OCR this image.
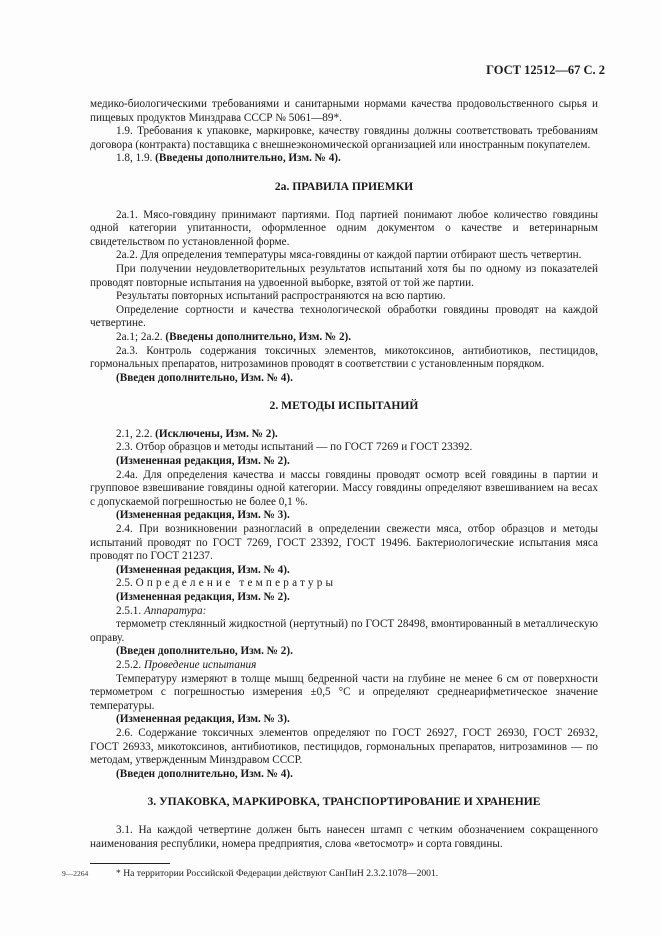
ГОСТ 12512—67 С. 2

медико-биологическими требованиями и санитарными нормами качества продовольственного сырья и пищевых продуктов Минздрава СССР № 5061—89*.

1.9. Требования к упаковке, маркировке, качеству говядины должны соответствовать требованиям договора (контракта) поставщика с внешнеэкономической организацией или иностранным покупателем.

1.8, 1.9. (Введены дополнительно, Изм. № 4).

2а. ПРАВИЛА ПРИЕМКИ

2а.1. Мясо-говядину принимают партиями. Под партией понимают любое количество говядины одной категории упитанности, оформленное одним документом о качестве и ветеринарным свидетельством по установленной форме.

2а.2. Для определения температуры мяса-говядины от каждой партии отбирают шесть четвертин.

При получении неудовлетворительных результатов испытаний хотя бы по одному из показателей проводят повторные испытания на удвоенной выборке, взятой от той же партии.

Результаты повторных испытаний распространяются на всю партию.

Определение сортности и качества технологической обработки говядины проводят на каждой четвертине.

2а.1; 2а.2. (Введены дополнительно, Изм. № 2).

2а.3. Контроль содержания токсичных элементов, микотоксинов, антибиотиков, пестицидов, гормональных препаратов, нитрозаминов проводят в соответствии с установленным порядком.

(Введен дополнительно, Изм. № 4).

2. МЕТОДЫ ИСПЫТАНИЙ

2.1, 2.2. (Исключены, Изм. № 2).

2.3. Отбор образцов и методы испытаний — по ГОСТ 7269 и ГОСТ 23392.

(Измененная редакция, Изм. № 2).

2.4а. Для определения качества и массы говядины проводят осмотр всей говядины в партии и групповое взвешивание говядины одной категории. Массу говядины определяют взвешиванием на весах с допускаемой погрешностью не более 0,1 %.

(Измененная редакция, Изм. № 3).

2.4. При возникновении разногласий в определении свежести мяса, отбор образцов и методы испытаний проводят по ГОСТ 7269, ГОСТ 23392, ГОСТ 19496. Бактериологические испытания мяса проводят по ГОСТ 21237.

(Измененная редакция, Изм. № 4).

2.5. Определение температуры

(Измененная редакция, Изм. № 2).

2.5.1. Аппаратура:

термометр стеклянный жидкостной (нертутный) по ГОСТ 28498, вмонтированный в металлическую оправу.

(Введен дополнительно, Изм. № 2).

2.5.2. Проведение испытания

Температуру измеряют в толще мышц бедренной части на глубине не менее 6 см от поверхности термометром с погрешностью измерения ±0,5 °С и определяют среднеарифметическое значение температуры.

(Измененная редакция, Изм. № 3).

2.6. Содержание токсичных элементов определяют по ГОСТ 26927, ГОСТ 26930, ГОСТ 26932, ГОСТ 26933, микотоксинов, антибиотиков, пестицидов, гормональных препаратов, нитрозаминов — по методам, утвержденным Минздравом СССР.

(Введен дополнительно, Изм. № 4).

3. УПАКОВКА, МАРКИРОВКА, ТРАНСПОРТИРОВАНИЕ И ХРАНЕНИЕ

3.1. На каждой четвертине должен быть нанесен штамп с четким обозначением сокращенного наименования республики, номера предприятия, слова «ветосмотр» и сорта говядины.

* На территории Российской Федерации действуют СанПиН 2.3.2.1078—2001.

9—2264
